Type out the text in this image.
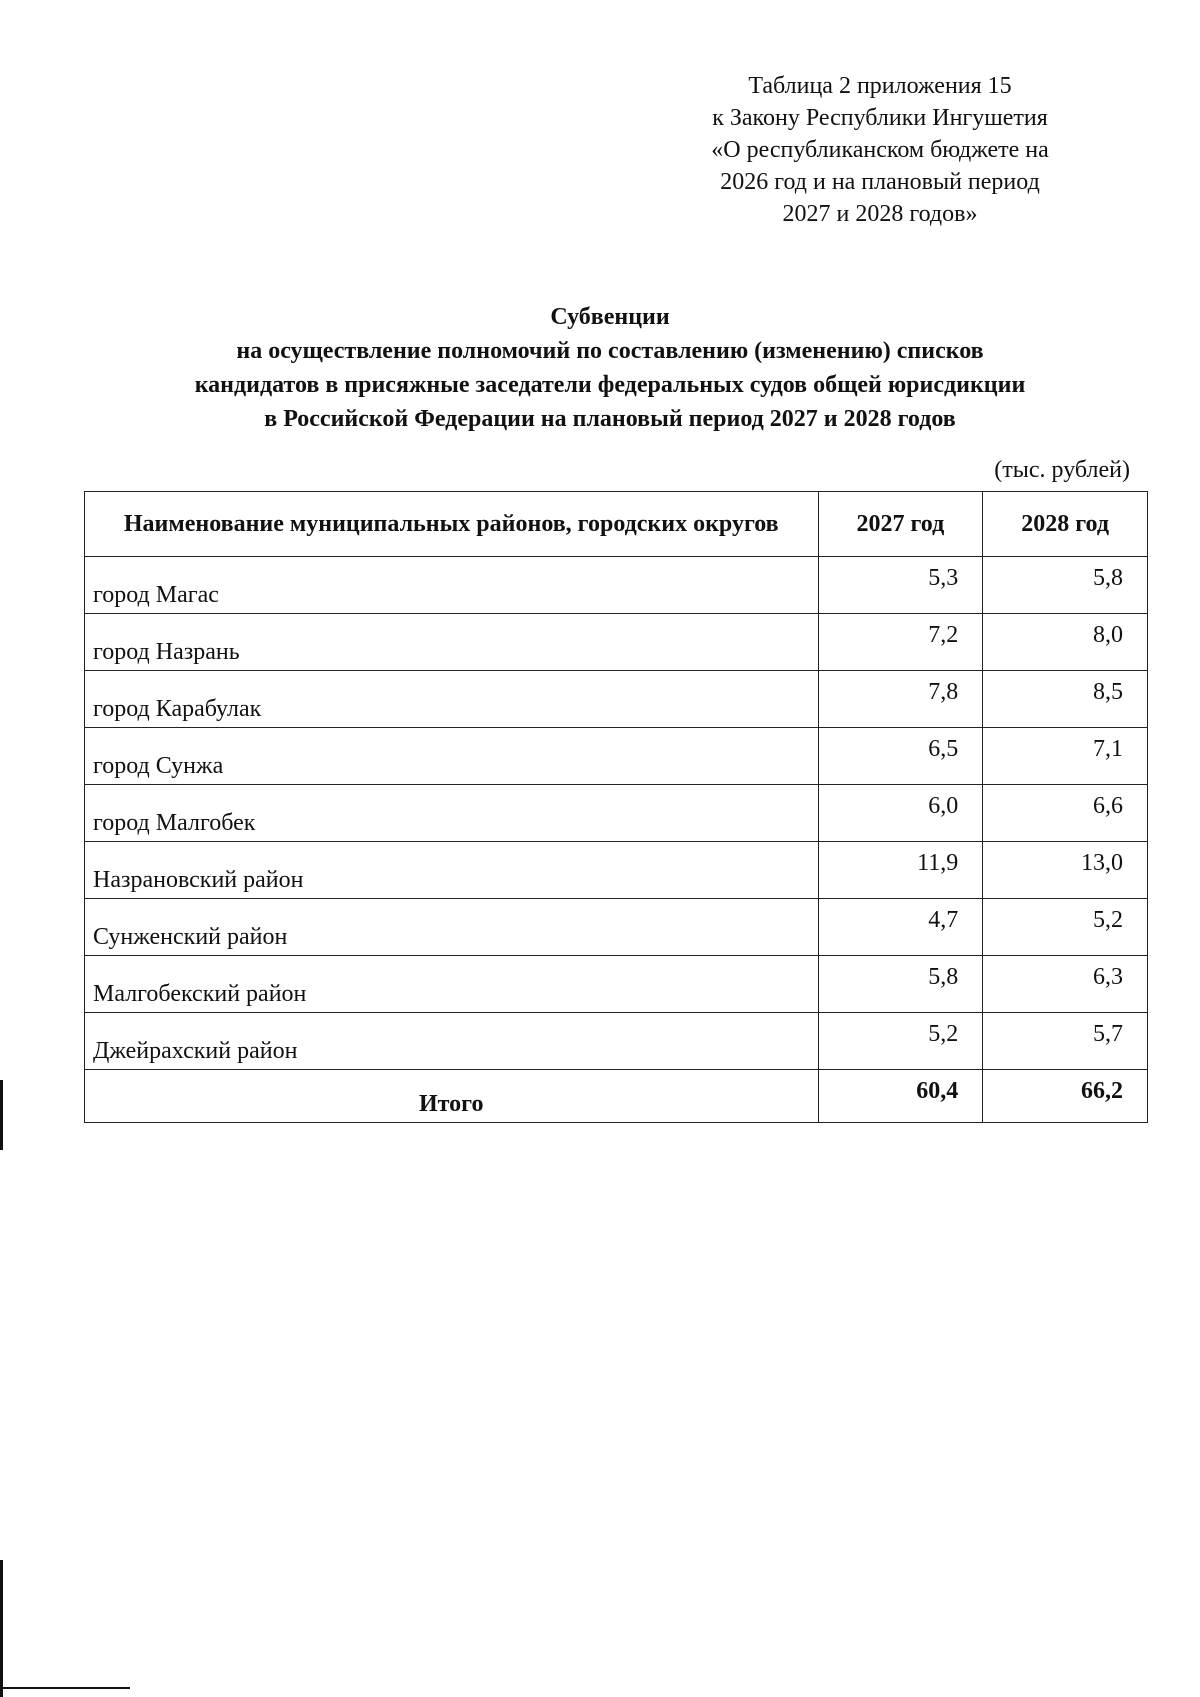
Таблица 2 приложения 15
к Закону Республики Ингушетия
«О республиканском бюджете на
2026 год и на плановый период
2027 и 2028 годов»
Субвенции
на осуществление полномочий по составлению (изменению) списков
кандидатов в присяжные заседатели федеральных судов общей юрисдикции
в Российской Федерации на плановый период 2027 и 2028 годов
(тыс. рублей)
Наименование муниципальных районов, городских округов	2027 год	2028 год
город Магас	5,3	5,8
город Назрань	7,2	8,0
город Карабулак	7,8	8,5
город Сунжа	6,5	7,1
город Малгобек	6,0	6,6
Назрановский район	11,9	13,0
Сунженский район	4,7	5,2
Малгобекский район	5,8	6,3
Джейрахский район	5,2	5,7
Итого	60,4	66,2
